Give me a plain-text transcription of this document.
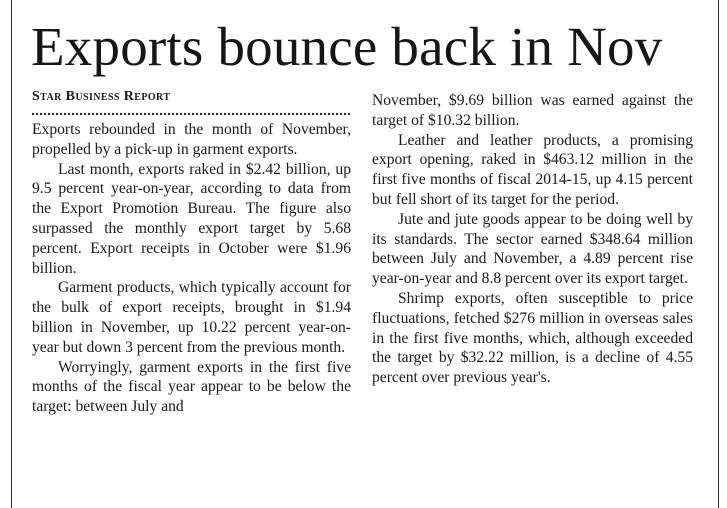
Exports bounce back in Nov
Star Business Report

Exports rebounded in the month of November, propelled by a pick-up in garment exports.

Last month, exports raked in $2.42 billion, up 9.5 percent year-on-year, according to data from the Export Promotion Bureau. The figure also surpassed the monthly export target by 5.68 percent. Export receipts in October were $1.96 billion.

Garment products, which typically account for the bulk of export receipts, brought in $1.94 billion in November, up 10.22 percent year-on-year but down 3 percent from the previous month.

Worryingly, garment exports in the first five months of the fiscal year appear to be below the target: between July and

November, $9.69 billion was earned against the target of $10.32 billion.

Leather and leather products, a promising export opening, raked in $463.12 million in the first five months of fiscal 2014-15, up 4.15 percent but fell short of its target for the period.

Jute and jute goods appear to be doing well by its standards. The sector earned $348.64 million between July and November, a 4.89 percent rise year-on-year and 8.8 percent over its export target.

Shrimp exports, often susceptible to price fluctuations, fetched $276 million in overseas sales in the first five months, which, although exceeded the target by $32.22 million, is a decline of 4.55 percent over previous year's.
